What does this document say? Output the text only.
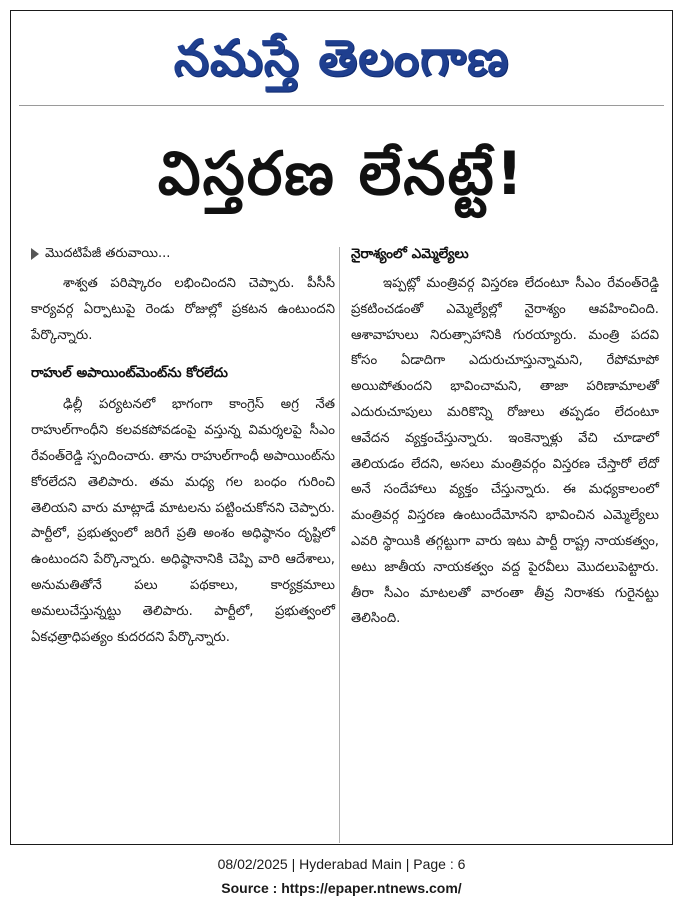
నమస్తే తెలంగాణ
విస్తరణ లేనట్టే!
మొదటిపేజీ తరువాయి...

శాశ్వత పరిష్కారం లభించిందని చెప్పారు. పీసీసీ కార్యవర్గ ఏర్పాటుపై రెండు రోజుల్లో ప్రకటన ఉంటుందని పేర్కొన్నారు.

రాహుల్ అపాయింట్‌మెంట్‌ను కోరలేదు

ఢిల్లీ పర్యటనలో భాగంగా కాంగ్రెస్ అగ్ర నేత రాహుల్‌గాంధీని కలవకపోవడంపై వస్తున్న విమర్శలపై సీఎం రేవంత్‌రెడ్డి స్పందించారు. తాను రాహుల్‌గాంధీ అపాయింట్‌ను కోరలేదని తెలిపారు. తమ మధ్య గల బంధం గురించి తెలియని వారు మాట్లాడే మాటలను పట్టించుకోనని చెప్పారు. పార్టీలో, ప్రభుత్వంలో జరిగే ప్రతి అంశం అధిష్ఠానం దృష్టిలో ఉంటుందని పేర్కొన్నారు. అధిష్ఠానానికి చెప్పి వారి ఆదేశాలు, అనుమతితోనే పలు పథకాలు, కార్యక్రమాలు అమలుచేస్తున్నట్టు తెలిపారు. పార్టీలో, ప్రభుత్వంలో ఏకఛత్రాధిపత్యం కుదరదని పేర్కొన్నారు.

నైరాశ్యంలో ఎమ్మెల్యేలు

ఇప్పట్లో మంత్రివర్గ విస్తరణ లేదంటూ సీఎం రేవంత్‌రెడ్డి ప్రకటించడంతో ఎమ్మెల్యేల్లో నైరాశ్యం ఆవహించింది. ఆశావాహులు నిరుత్సాహానికి గురయ్యారు. మంత్రి పదవి కోసం ఏడాదిగా ఎదురుచూస్తున్నామని, రేపోమాపో అయిపోతుందని భావించామని, తాజా పరిణామాలతో ఎదురుచూపులు మరికొన్ని రోజులు తప్పడం లేదంటూ ఆవేదన వ్యక్తంచేస్తున్నారు. ఇంకెన్నాళ్లు వేచి చూడాలో తెలియడం లేదని, అసలు మంత్రివర్గం విస్తరణ చేస్తారో లేదో అనే సందేహాలు వ్యక్తం చేస్తున్నారు. ఈ మధ్యకాలంలో మంత్రివర్గ విస్తరణ ఉంటుందేమోనని భావించిన ఎమ్మెల్యేలు ఎవరి స్థాయికి తగ్గట్టుగా వారు ఇటు పార్టీ రాష్ట్ర నాయకత్వం, అటు జాతీయ నాయకత్వం వద్ద పైరవీలు మొదలుపెట్టారు. తీరా సీఎం మాటలతో వారంతా తీవ్ర నిరాశకు గురైనట్టు తెలిసింది.

08/02/2025 | Hyderabad Main | Page : 6
Source : https://epaper.ntnews.com/
